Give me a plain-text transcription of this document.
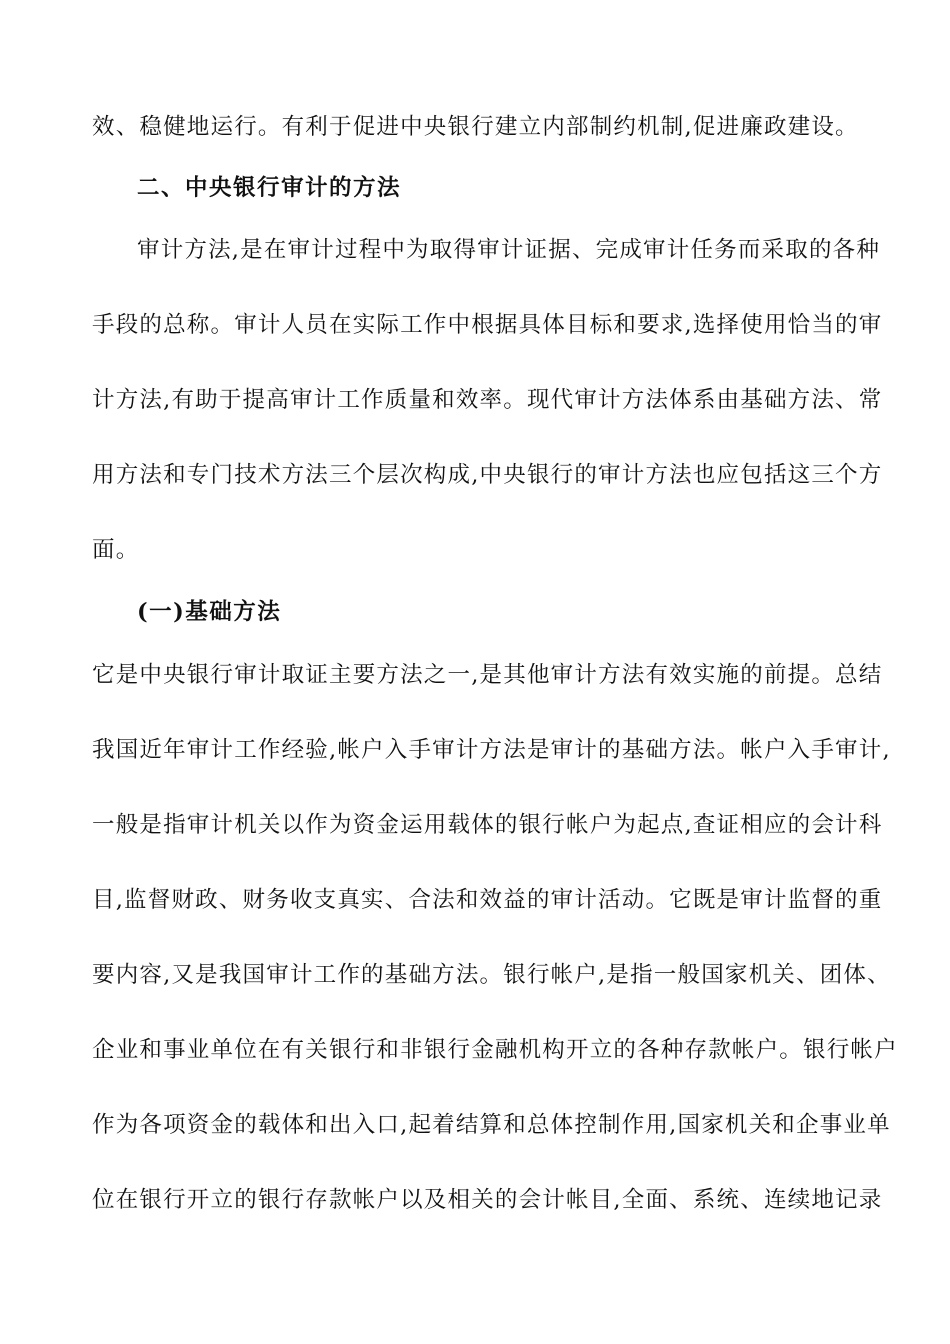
效、稳健地运行。有利于促进中央银行建立内部制约机制,促进廉政建设。
二、中央银行审计的方法
审计方法,是在审计过程中为取得审计证据、完成审计任务而采取的各种
手段的总称。审计人员在实际工作中根据具体目标和要求,选择使用恰当的审
计方法,有助于提高审计工作质量和效率。现代审计方法体系由基础方法、常
用方法和专门技术方法三个层次构成,中央银行的审计方法也应包括这三个方
面。
(一)基础方法
它是中央银行审计取证主要方法之一,是其他审计方法有效实施的前提。总结
我国近年审计工作经验,帐户入手审计方法是审计的基础方法。帐户入手审计,
一般是指审计机关以作为资金运用载体的银行帐户为起点,查证相应的会计科
目,监督财政、财务收支真实、合法和效益的审计活动。它既是审计监督的重
要内容,又是我国审计工作的基础方法。银行帐户,是指一般国家机关、团体、
企业和事业单位在有关银行和非银行金融机构开立的各种存款帐户。银行帐户
作为各项资金的载体和出入口,起着结算和总体控制作用,国家机关和企事业单
位在银行开立的银行存款帐户以及相关的会计帐目,全面、系统、连续地记录
